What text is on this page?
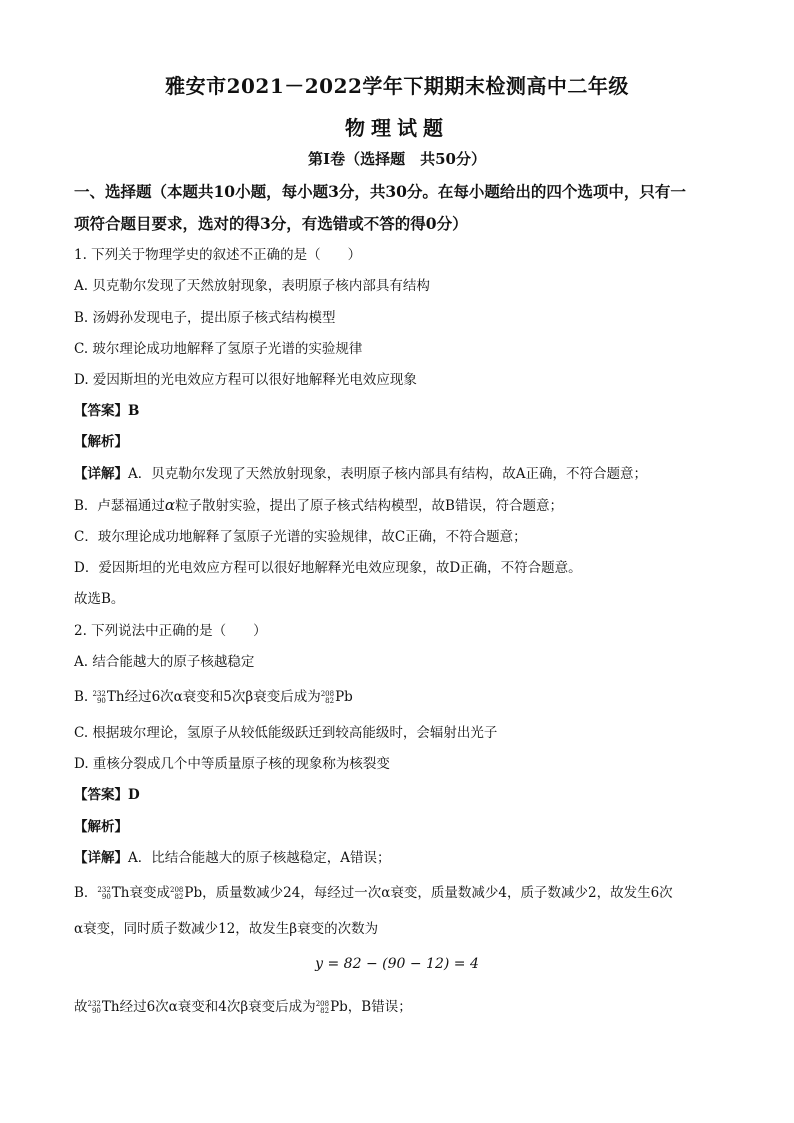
雅安市2021－2022学年下期期末检测高中二年级
物理试题
第Ⅰ卷（选择题　共50分）
一、选择题（本题共10小题，每小题3分，共30分。在每小题给出的四个选项中，只有一
项符合题目要求，选对的得3分，有选错或不答的得0分）
1. 下列关于物理学史的叙述不正确的是（　　）
A. 贝克勒尔发现了天然放射现象，表明原子核内部具有结构
B. 汤姆孙发现电子，提出原子核式结构模型
C. 玻尔理论成功地解释了氢原子光谱的实验规律
D. 爱因斯坦的光电效应方程可以很好地解释光电效应现象
【答案】B
【解析】
【详解】A．贝克勒尔发现了天然放射现象，表明原子核内部具有结构，故A正确，不符合题意；
B．卢瑟福通过α粒子散射实验，提出了原子核式结构模型，故B错误，符合题意；
C．玻尔理论成功地解释了氢原子光谱的实验规律，故C正确，不符合题意；
D．爱因斯坦的光电效应方程可以很好地解释光电效应现象，故D正确，不符合题意。
故选B。
2. 下列说法中正确的是（　　）
A. 结合能越大的原子核越稳定
B. 232
90 Th经过6次α衰变和5次β衰变后成为 208
82 Pb
C. 根据玻尔理论，氢原子从较低能级跃迁到较高能级时，会辐射出光子
D. 重核分裂成几个中等质量原子核的现象称为核裂变
【答案】D
【解析】
【详解】A．比结合能越大的原子核越稳定，A错误；
B． 232
90 Th衰变成 208
82 Pb，质量数减少24，每经过一次α衰变，质量数减少4，质子数减少2，故发生6次
α衰变，同时质子数减少12，故发生β衰变的次数为
y = 82 − (90 − 12) = 4
故 232
90 Th经过6次α衰变和4次β衰变后成为 208
82 Pb，B错误；
